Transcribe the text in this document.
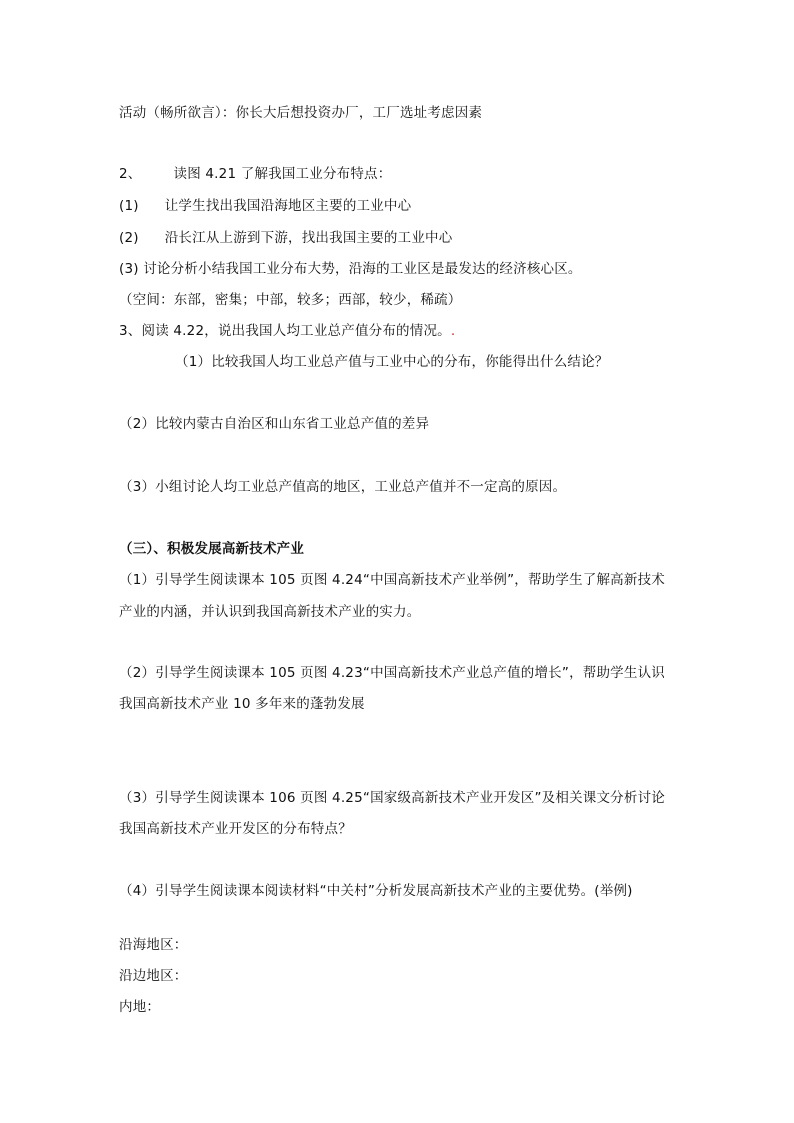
活动（畅所欲言）：你长大后想投资办厂，工厂选址考虑因素
2、 读图 4.21 了解我国工业分布特点：
(1) 让学生找出我国沿海地区主要的工业中心
(2) 沿长江从上游到下游，找出我国主要的工业中心
(3) 讨论分析小结我国工业分布大势，沿海的工业区是最发达的经济核心区。
（空间：东部，密集；中部，较多；西部，较少，稀疏）
3、阅读 4.22，说出我国人均工业总产值分布的情况。.
（1）比较我国人均工业总产值与工业中心的分布，你能得出什么结论？
（2）比较内蒙古自治区和山东省工业总产值的差异
（3）小组讨论人均工业总产值高的地区，工业总产值并不一定高的原因。
（三）、积极发展高新技术产业
（1）引导学生阅读课本 105 页图 4.24“中国高新技术产业举例”，帮助学生了解高新技术
产业的内涵，并认识到我国高新技术产业的实力。
（2）引导学生阅读课本 105 页图 4.23“中国高新技术产业总产值的增长”，帮助学生认识
我国高新技术产业 10 多年来的蓬勃发展
（3）引导学生阅读课本 106 页图 4.25“国家级高新技术产业开发区”及相关课文分析讨论
我国高新技术产业开发区的分布特点？
（4）引导学生阅读课本阅读材料“中关村”分析发展高新技术产业的主要优势。(举例)
沿海地区：
沿边地区：
内地：
